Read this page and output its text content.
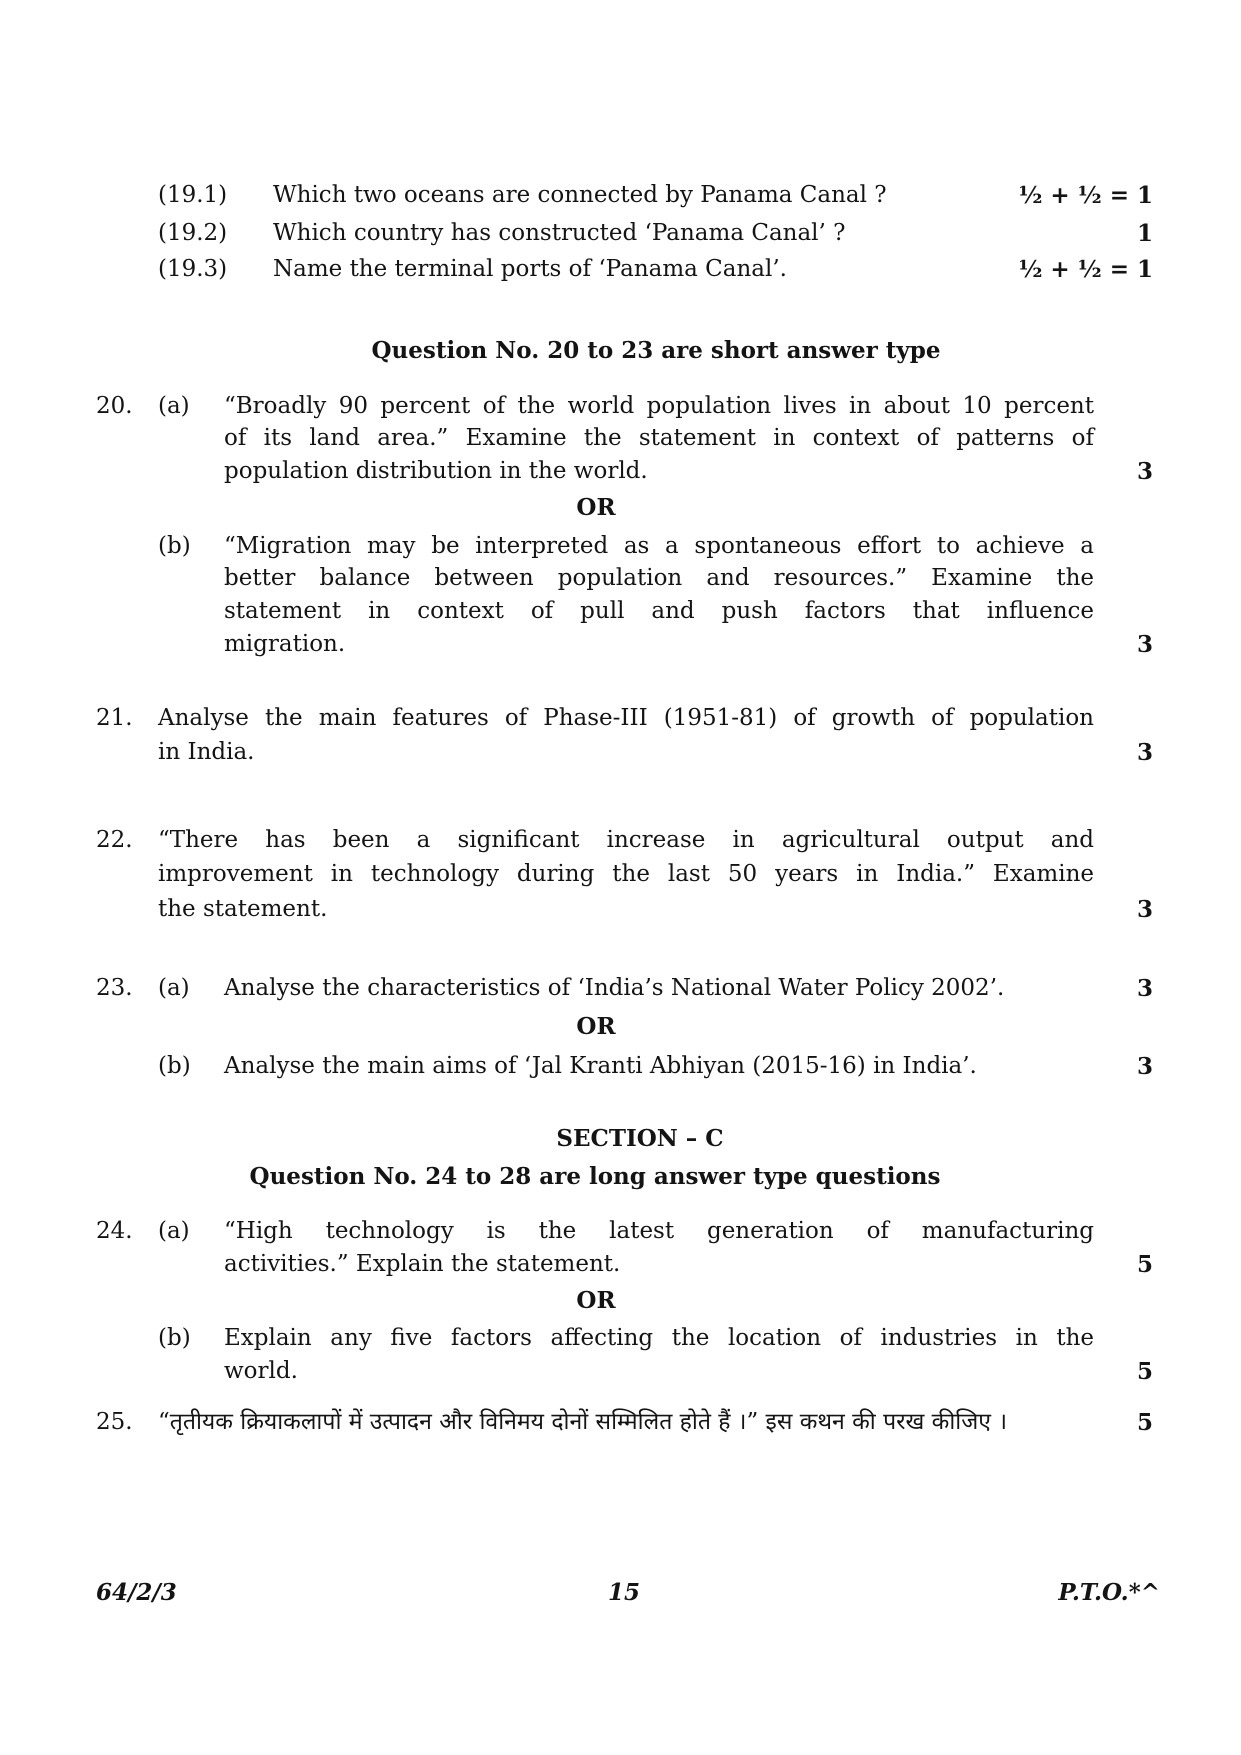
(19.1) Which two oceans are connected by Panama Canal ?	½ + ½ = 1
(19.2) Which country has constructed ‘Panama Canal’ ?	1
(19.3) Name the terminal ports of ‘Panama Canal’.	½ + ½ = 1
Question No. 20 to 23 are short answer type
20. (a) “Broadly 90 percent of the world population lives in about 10 percent
of its land area.” Examine the statement in context of patterns of
population distribution in the world.	3
OR
(b) “Migration may be interpreted as a spontaneous effort to achieve a
better balance between population and resources.” Examine the
statement in context of pull and push factors that influence
migration.	3
21. Analyse the main features of Phase-III (1951-81) of growth of population
in India.	3
22. “There has been a significant increase in agricultural output and
improvement in technology during the last 50 years in India.” Examine
the statement.	3
23. (a) Analyse the characteristics of ‘India’s National Water Policy 2002’.	3
OR
(b) Analyse the main aims of ‘Jal Kranti Abhiyan (2015-16) in India’.	3
SECTION – C
Question No. 24 to 28 are long answer type questions
24. (a) “High technology is the latest generation of manufacturing
activities.” Explain the statement.	5
OR
(b) Explain any five factors affecting the location of industries in the
world.	5
25. “तृतीयक क्रियाकलापों में उत्पादन और विनिमय दोनों सम्मिलित होते हैं ।” इस कथन की परख कीजिए ।	5
64/2/3	15	P.T.O.*^
